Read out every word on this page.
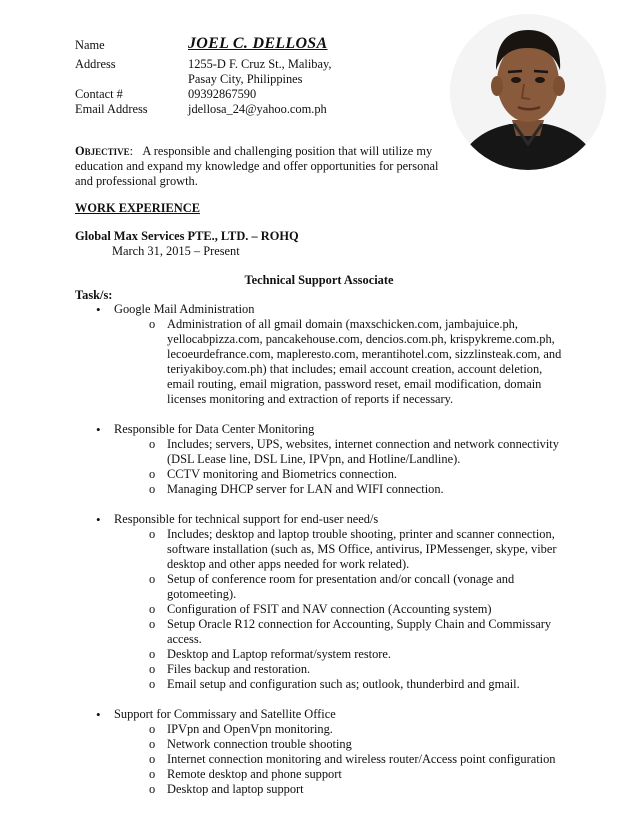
Name	JOEL C. DELLOSA
Address	1255-D F. Cruz St., Malibay,
Pasay City, Philippines
Contact #	09392867590
Email Address	jdellosa_24@yahoo.com.ph
Objective: A responsible and challenging position that will utilize my education and expand my knowledge and offer opportunities for personal and professional growth.
WORK EXPERIENCE
Global Max Services PTE., LTD. – ROHQ
March 31, 2015 – Present
Technical Support Associate
Task/s:
• Google Mail Administration
o Administration of all gmail domain (maxschicken.com, jambajuice.ph, yellocabpizza.com, pancakehouse.com, dencios.com.ph, krispykreme.com.ph, lecoeurdefrance.com, mapleresto.com, merantihotel.com, sizzlinsteak.com, and teriyakiboy.com.ph) that includes; email account creation, account deletion, email routing, email migration, password reset, email modification, domain licenses monitoring and extraction of reports if necessary.
• Responsible for Data Center Monitoring
o Includes; servers, UPS, websites, internet connection and network connectivity (DSL Lease line, DSL Line, IPVpn, and Hotline/Landline).
o CCTV monitoring and Biometrics connection.
o Managing DHCP server for LAN and WIFI connection.
• Responsible for technical support for end-user need/s
o Includes; desktop and laptop trouble shooting, printer and scanner connection, software installation (such as, MS Office, antivirus, IPMessenger, skype, viber desktop and other apps needed for work related).
o Setup of conference room for presentation and/or concall (vonage and gotomeeting).
o Configuration of FSIT and NAV connection (Accounting system)
o Setup Oracle R12 connection for Accounting, Supply Chain and Commissary access.
o Desktop and Laptop reformat/system restore.
o Files backup and restoration.
o Email setup and configuration such as; outlook, thunderbird and gmail.
• Support for Commissary and Satellite Office
o IPVpn and OpenVpn monitoring.
o Network connection trouble shooting
o Internet connection monitoring and wireless router/Access point configuration
o Remote desktop and phone support
o Desktop and laptop support
